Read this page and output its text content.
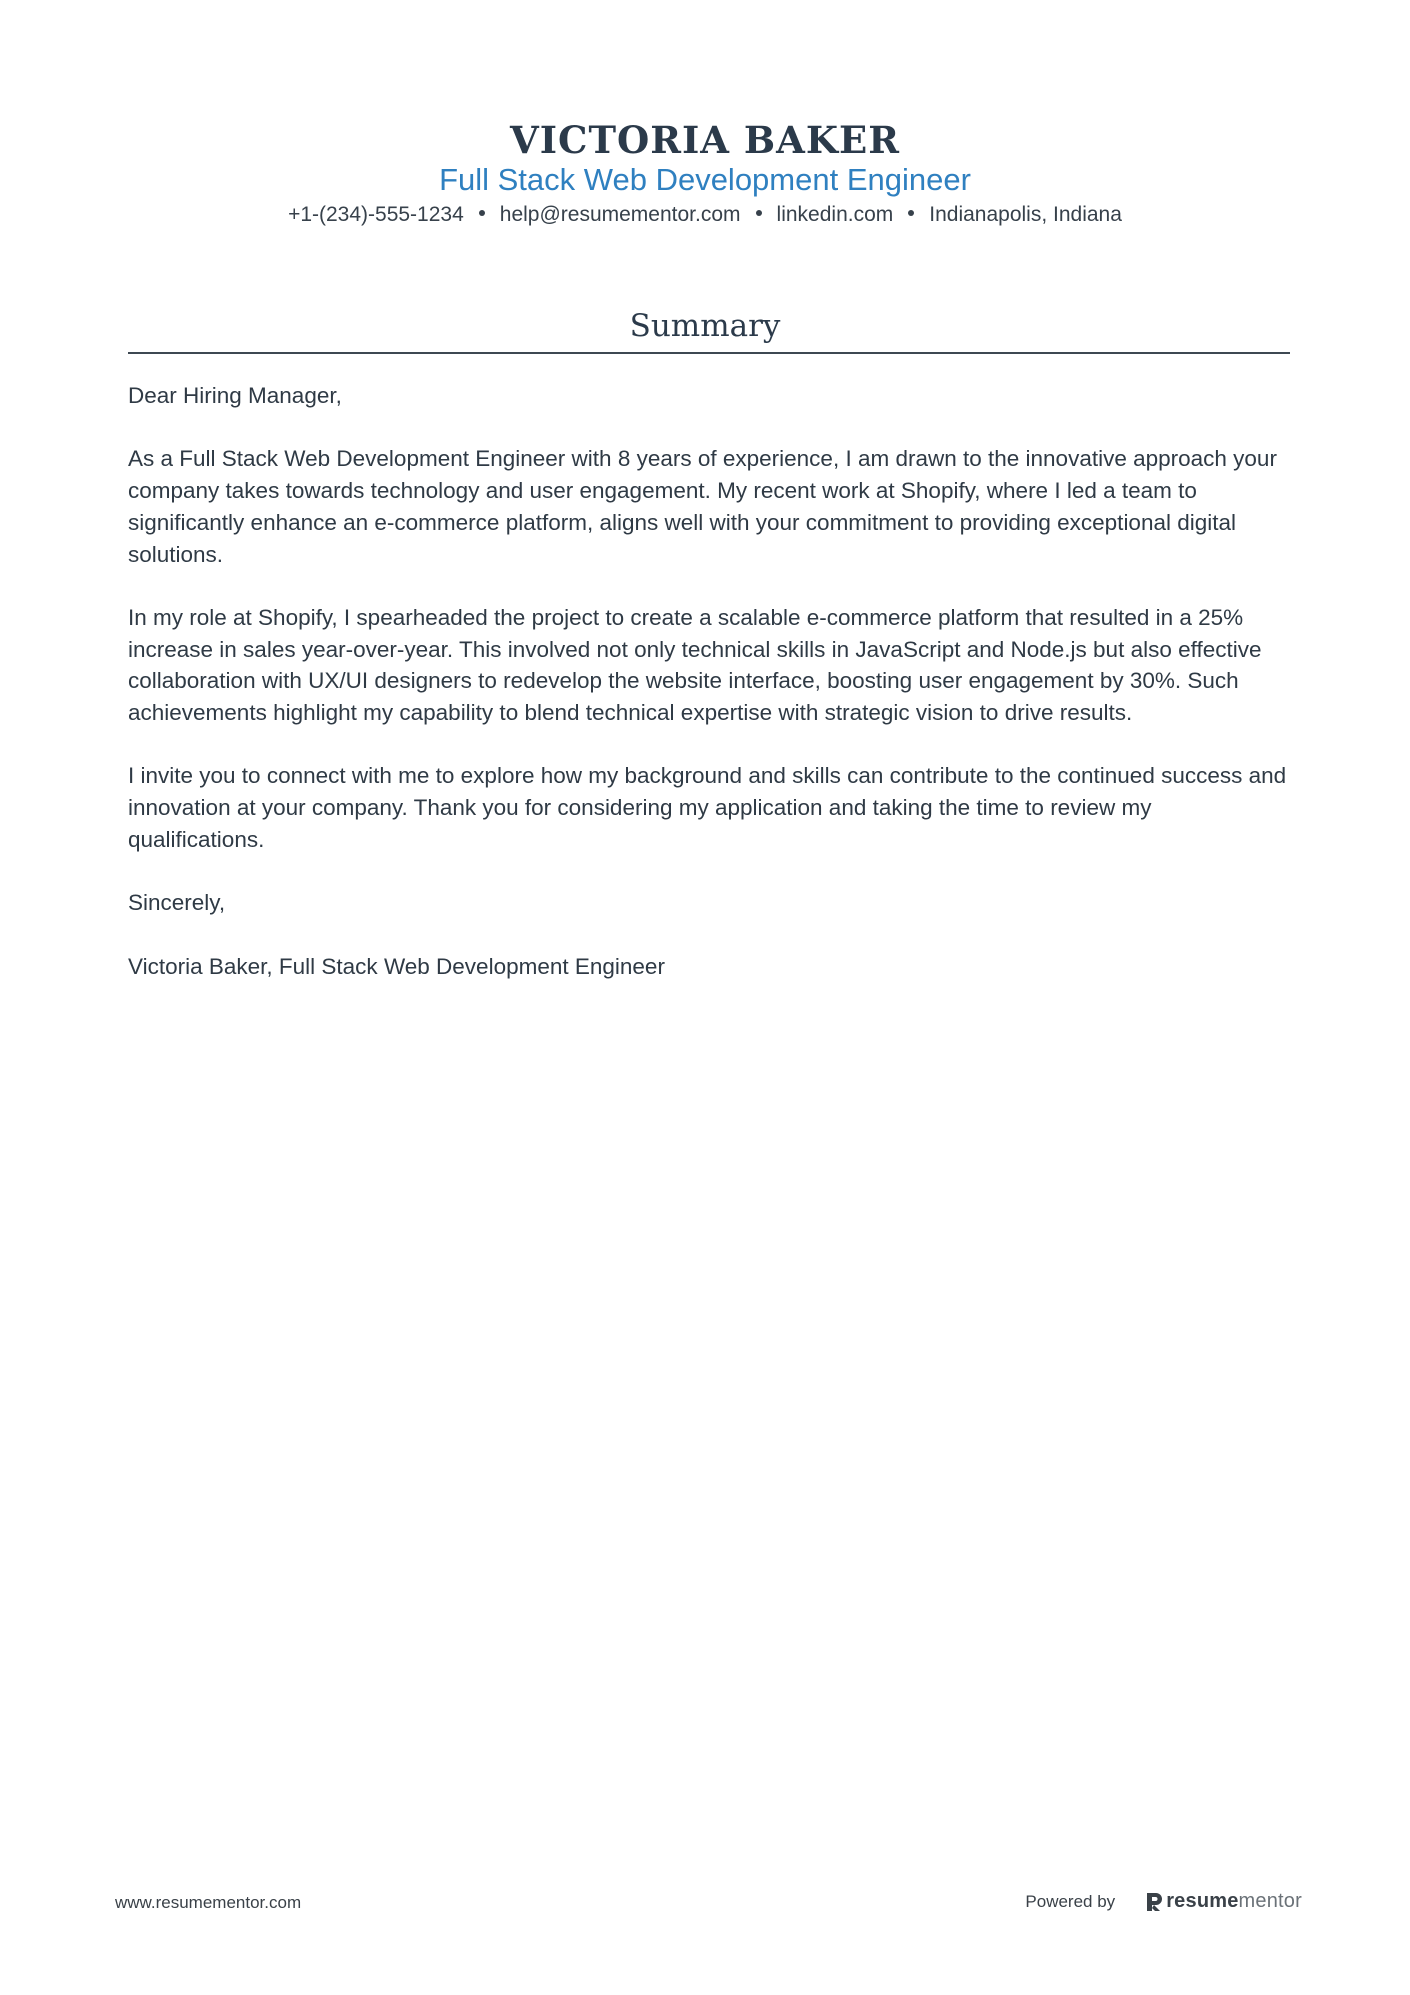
VICTORIA BAKER
Full Stack Web Development Engineer
+1-(234)-555-1234 help@resumementor.com linkedin.com Indianapolis, Indiana
Summary

Dear Hiring Manager,

As a Full Stack Web Development Engineer with 8 years of experience, I am drawn to the innovative approach your company takes towards technology and user engagement. My recent work at Shopify, where I led a team to significantly enhance an e-commerce platform, aligns well with your commitment to providing exceptional digital solutions.

In my role at Shopify, I spearheaded the project to create a scalable e-commerce platform that resulted in a 25% increase in sales year-over-year. This involved not only technical skills in JavaScript and Node.js but also effective collaboration with UX/UI designers to redevelop the website interface, boosting user engagement by 30%. Such achievements highlight my capability to blend technical expertise with strategic vision to drive results.

I invite you to connect with me to explore how my background and skills can contribute to the continued success and innovation at your company. Thank you for considering my application and taking the time to review my qualifications.

Sincerely,

Victoria Baker, Full Stack Web Development Engineer

www.resumementor.com	Powered by	resume mentor
